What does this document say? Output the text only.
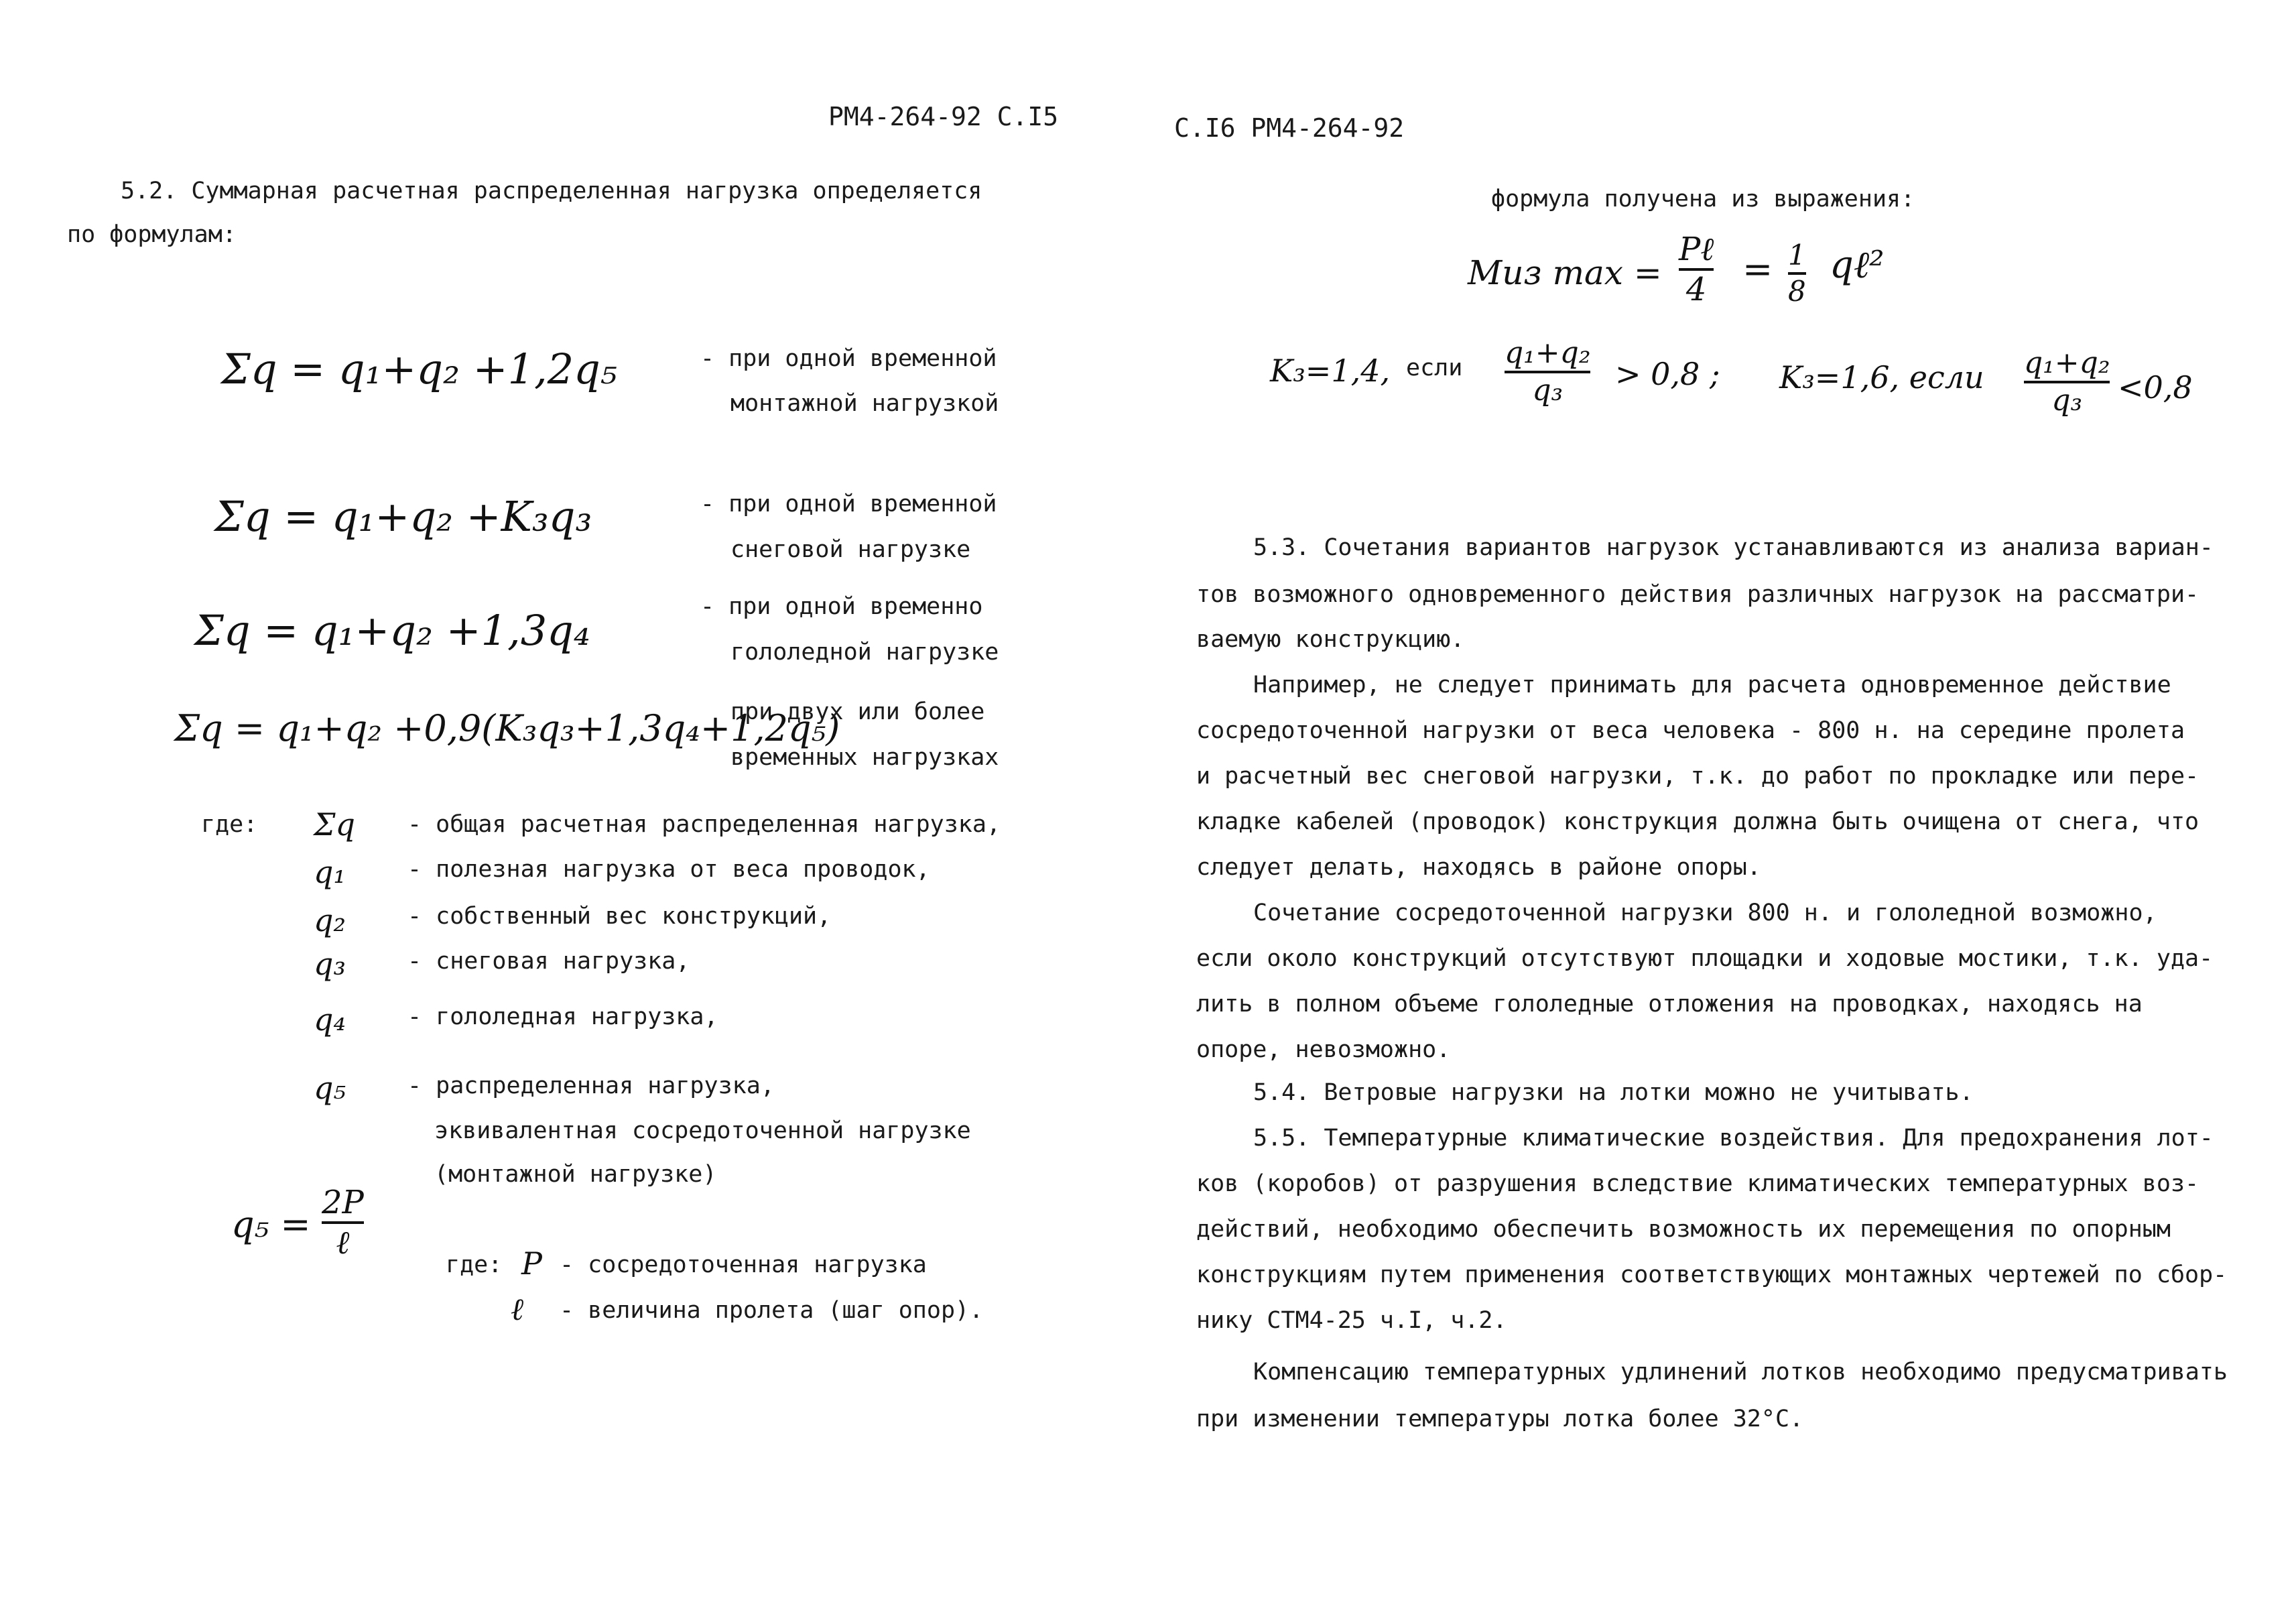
РМ4-264-92 С.I5
5.2. Суммарная расчетная распределенная нагрузка определяется
по формулам:
Σq = q₁+q₂ +1,2q₅	- при одной временной
монтажной нагрузкой
Σq = q₁+q₂ +K₃q₃	- при одной временной
снеговой нагрузке
Σq = q₁+q₂ +1,3q₄	- при одной временно
гололедной нагрузке
Σq = q₁+q₂ +0,9(K₃q₃+1,3q₄+1,2q₅)
при двух или более
временных нагрузках
где: Σq - общая расчетная распределенная нагрузка,
q₁	- полезная нагрузка от веса проводок,
q₂	- собственный вес конструкций,
q₃	- снеговая нагрузка,
q₄	- гололедная нагрузка,
q₅	- распределенная нагрузка,
эквивалентная сосредоточенной нагрузке
(монтажной нагрузке)
q₅ =
2P
ℓ
где: P - сосредоточенная нагрузка
ℓ - величина пролета (шаг опор).
С.I6 РМ4-264-92
формула получена из выражения:
Mиз max =
Pℓ
4 = 1
8
qℓ²
K₃=1,4, если q₁+q₂
q₃ > 0,8 ; K₃=1,6, если q₁+q₂
q₃ <0,8
5.3. Сочетания вариантов нагрузок устанавливаются из анализа вариан-
тов возможного одновременного действия различных нагрузок на рассматри-
ваемую конструкцию.
Например, не следует принимать для расчета одновременное действие
сосредоточенной нагрузки от веса человека - 800 н. на середине пролета
и расчетный вес снеговой нагрузки, т.к. до работ по прокладке или пере-
кладке кабелей (проводок) конструкция должна быть очищена от снега, что
следует делать, находясь в районе опоры.
Сочетание сосредоточенной нагрузки 800 н. и гололедной возможно,
если около конструкций отсутствуют площадки и ходовые мостики, т.к. уда-
лить в полном объеме гололедные отложения на проводках, находясь на
опоре, невозможно.
5.4. Ветровые нагрузки на лотки можно не учитывать.
5.5. Температурные климатические воздействия. Для предохранения лот-
ков (коробов) от разрушения вследствие климатических температурных воз-
действий, необходимо обеспечить возможность их перемещения по опорным
конструкциям путем применения соответствующих монтажных чертежей по сбор-
нику СТМ4-25 ч.I, ч.2.
Компенсацию температурных удлинений лотков необходимо предусматривать
при изменении температуры лотка более 32°С.
